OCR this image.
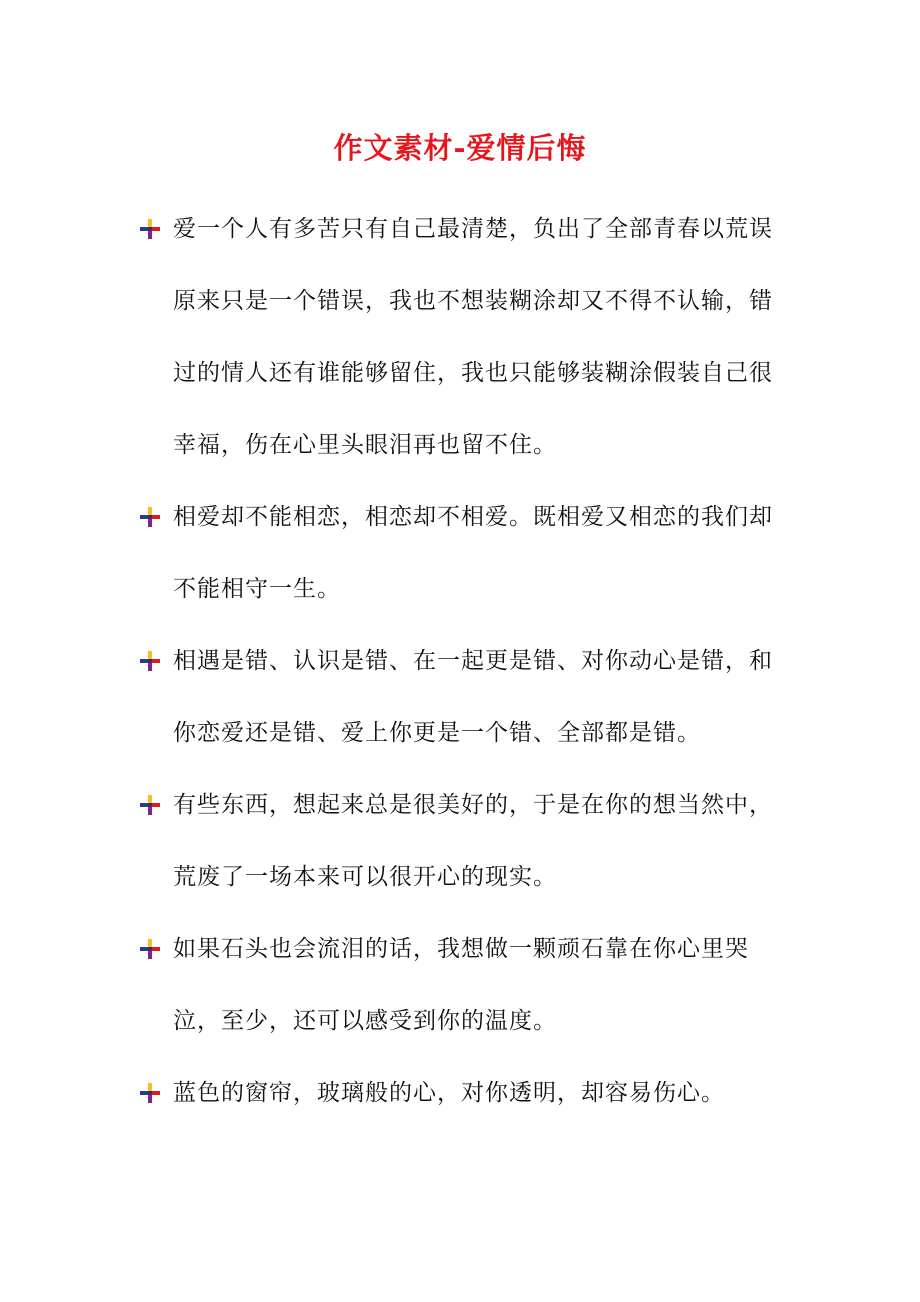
作文素材-爱情后悔
爱一个人有多苦只有自己最清楚，负出了全部青春以荒误原来只是一个错误，我也不想装糊涂却又不得不认输，错过的情人还有谁能够留住，我也只能够装糊涂假装自己很幸福，伤在心里头眼泪再也留不住。
相爱却不能相恋，相恋却不相爱。既相爱又相恋的我们却不能相守一生。
相遇是错、认识是错、在一起更是错、对你动心是错，和你恋爱还是错、爱上你更是一个错、全部都是错。
有些东西，想起来总是很美好的，于是在你的想当然中，荒废了一场本来可以很开心的现实。
如果石头也会流泪的话，我想做一颗顽石靠在你心里哭泣，至少，还可以感受到你的温度。
蓝色的窗帘，玻璃般的心，对你透明，却容易伤心。
